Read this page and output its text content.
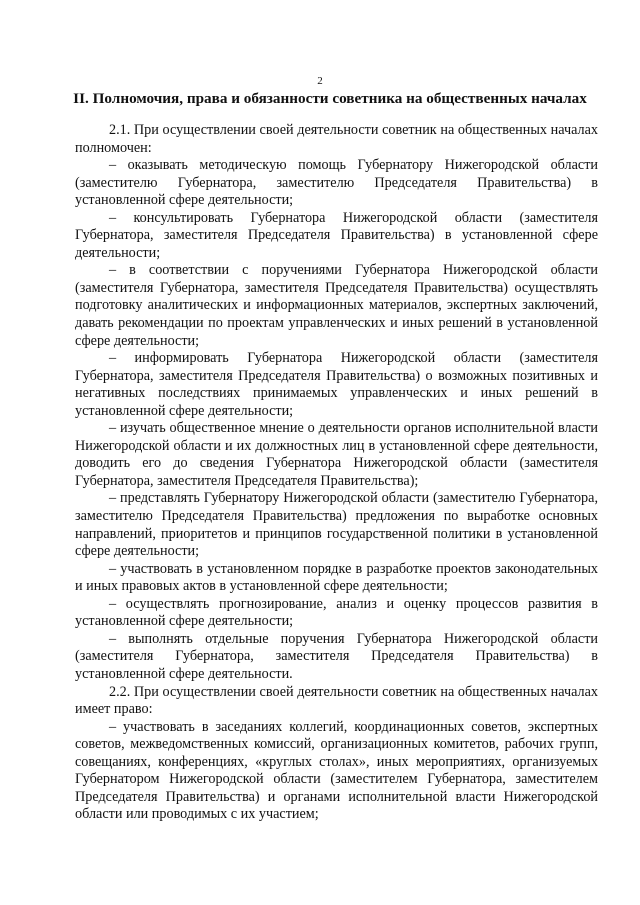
2
II. Полномочия, права и обязанности советника на общественных началах

2.1. При осуществлении своей деятельности советник на общественных началах полномочен:

– оказывать методическую помощь Губернатору Нижегородской области (заместителю Губернатора, заместителю Председателя Правительства) в установленной сфере деятельности;

– консультировать Губернатора Нижегородской области (заместителя Губернатора, заместителя Председателя Правительства) в установленной сфере деятельности;

– в соответствии с поручениями Губернатора Нижегородской области (заместителя Губернатора, заместителя Председателя Правительства) осуществлять подготовку аналитических и информационных материалов, экспертных заключений, давать рекомендации по проектам управленческих и иных решений в установленной сфере деятельности;

– информировать Губернатора Нижегородской области (заместителя Губернатора, заместителя Председателя Правительства) о возможных позитивных и негативных последствиях принимаемых управленческих и иных решений в установленной сфере деятельности;

– изучать общественное мнение о деятельности органов исполнительной власти Нижегородской области и их должностных лиц в установленной сфере деятельности, доводить его до сведения Губернатора Нижегородской области (заместителя Губернатора, заместителя Председателя Правительства);

– представлять Губернатору Нижегородской области (заместителю Губернатора, заместителю Председателя Правительства) предложения по выработке основных направлений, приоритетов и принципов государственной политики в установленной сфере деятельности;

– участвовать в установленном порядке в разработке проектов законодательных и иных правовых актов в установленной сфере деятельности;

– осуществлять прогнозирование, анализ и оценку процессов развития в установленной сфере деятельности;

– выполнять отдельные поручения Губернатора Нижегородской области (заместителя Губернатора, заместителя Председателя Правительства) в установленной сфере деятельности.

2.2. При осуществлении своей деятельности советник на общественных началах имеет право:

– участвовать в заседаниях коллегий, координационных советов, экспертных советов, межведомственных комиссий, организационных комитетов, рабочих групп, совещаниях, конференциях, «круглых столах», иных мероприятиях, организуемых Губернатором Нижегородской области (заместителем Губернатора, заместителем Председателя Правительства) и органами исполнительной власти Нижегородской области или проводимых с их участием;
